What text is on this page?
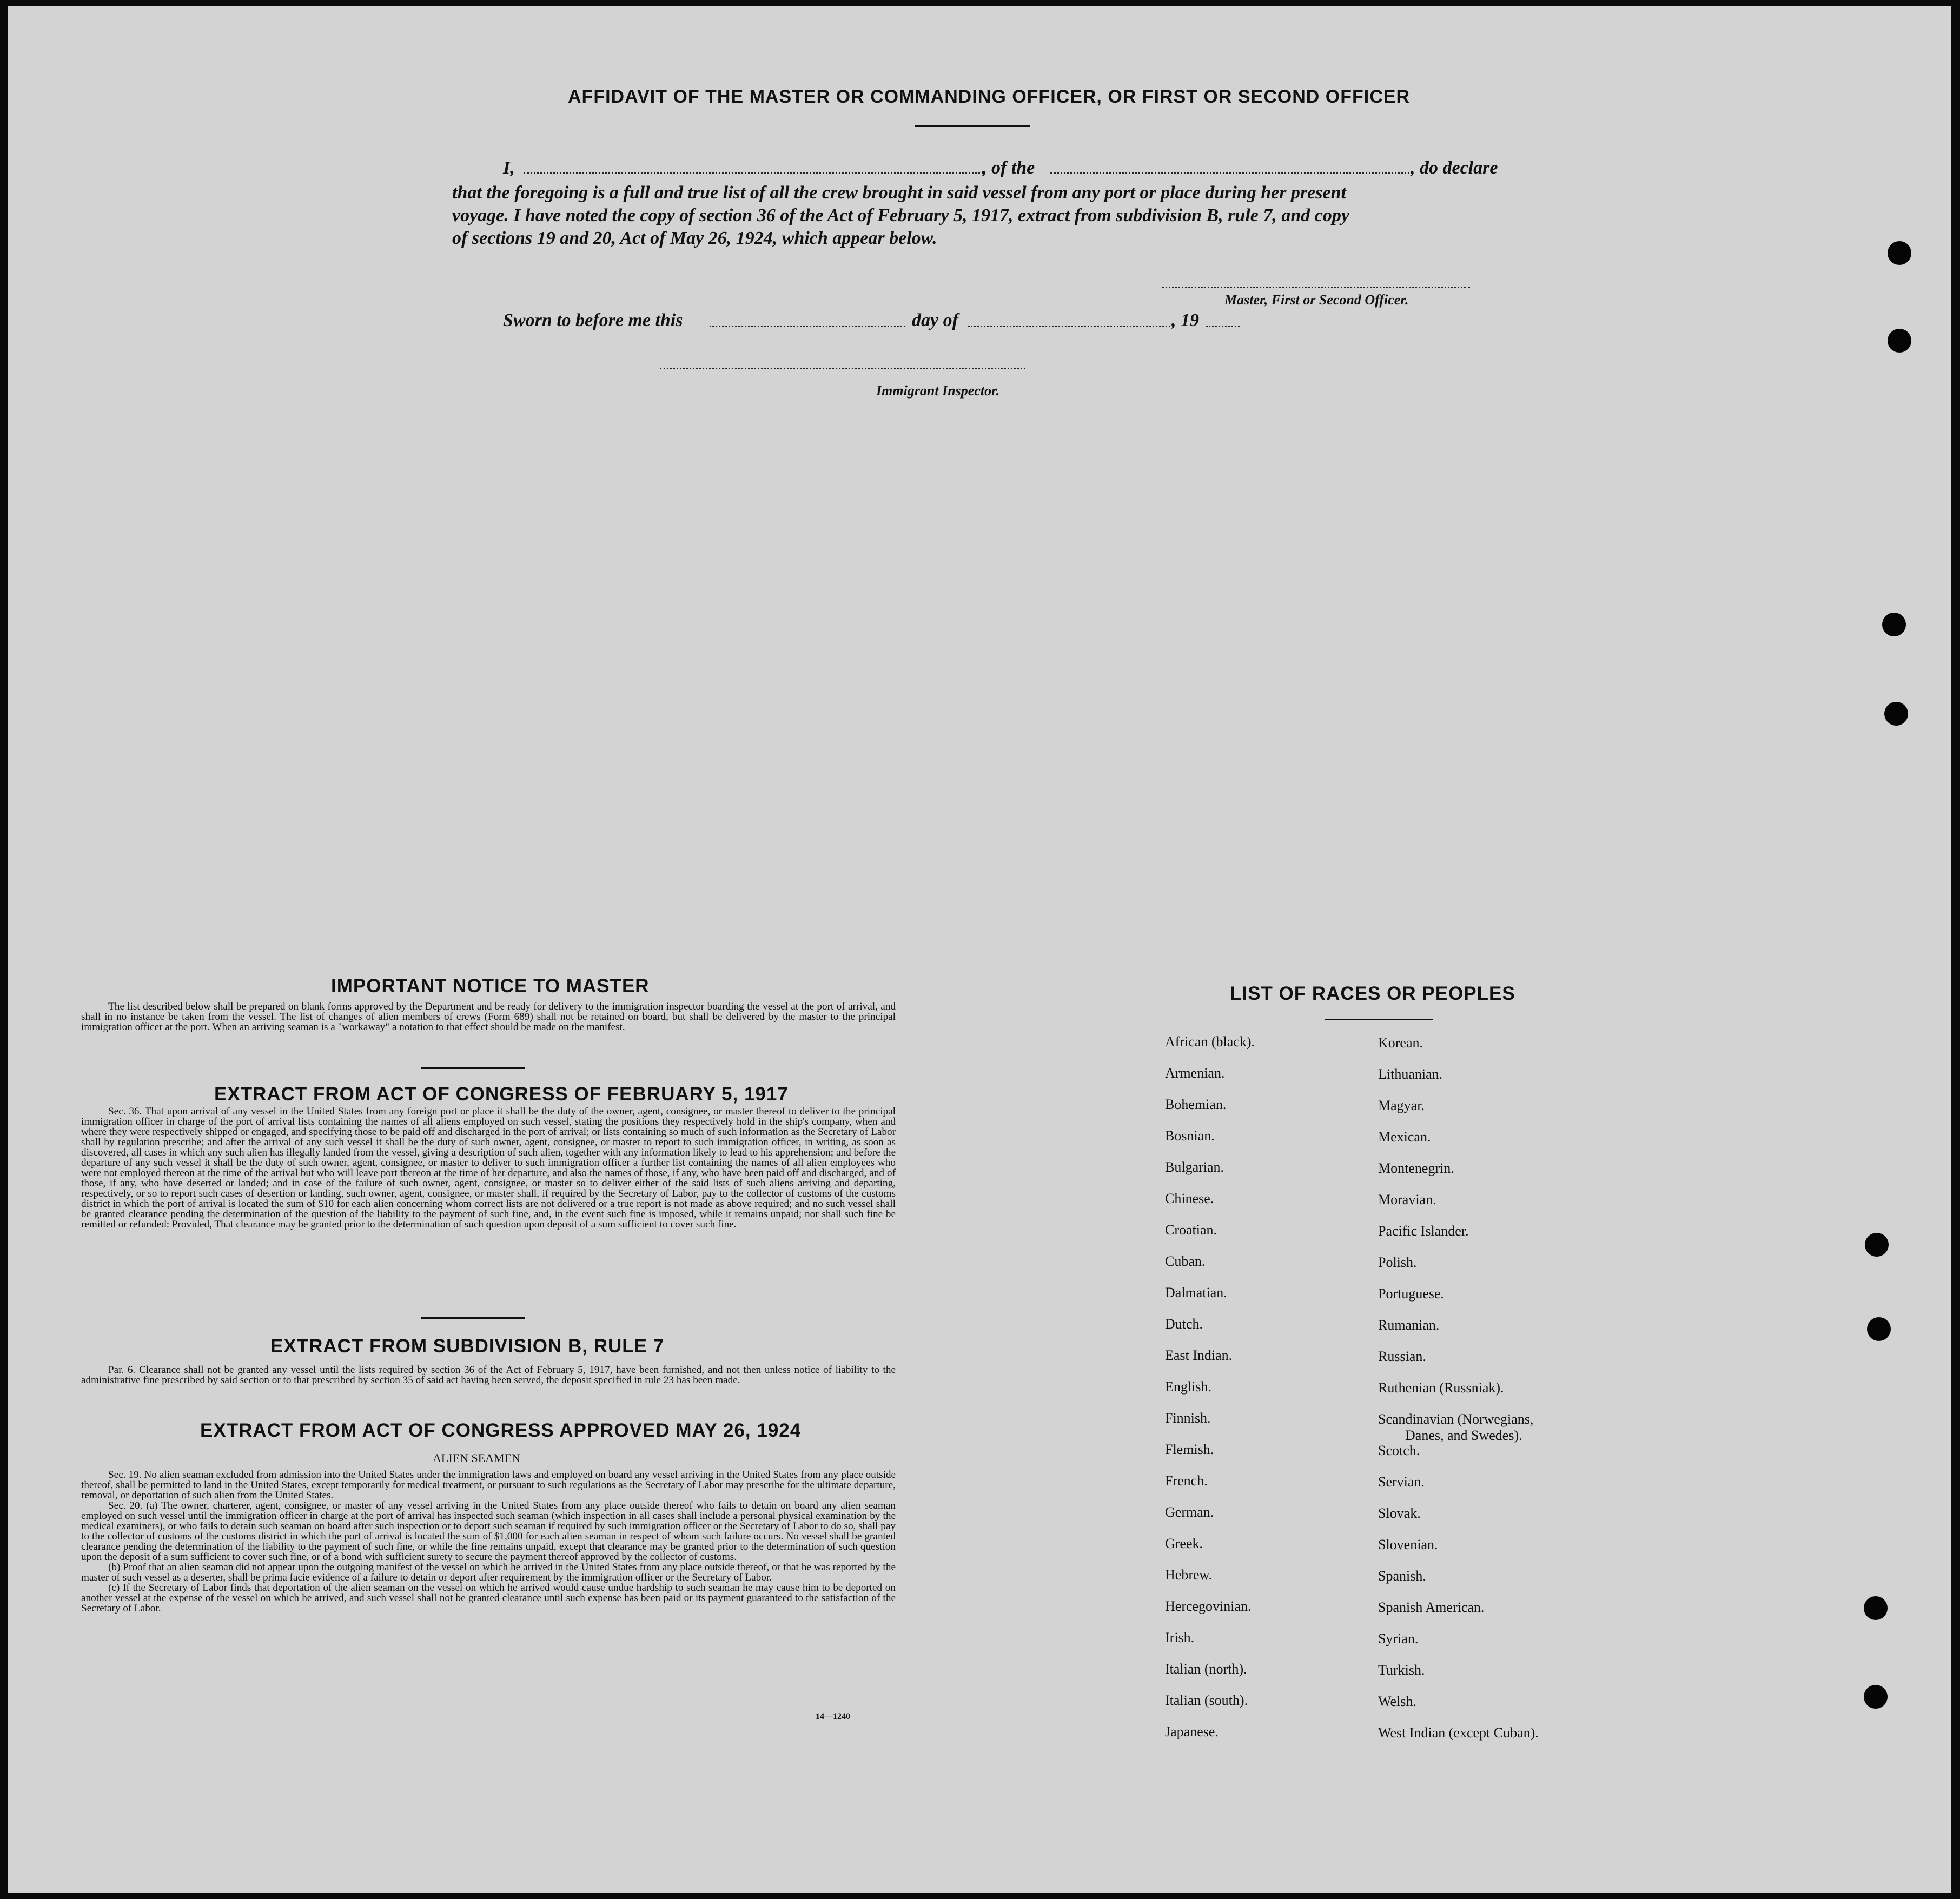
AFFIDAVIT OF THE MASTER OR COMMANDING OFFICER, OR FIRST OR SECOND OFFICER
I,	, of the	, do declare
that the foregoing is a full and true list of all the crew brought in said vessel from any port or place during her present
voyage. I have noted the copy of section 36 of the Act of February 5, 1917, extract from subdivision B, rule 7, and copy
of sections 19 and 20, Act of May 26, 1924, which appear below.
Master, First or Second Officer.
Sworn to before me this	day of	, 19
Immigrant Inspector.
IMPORTANT NOTICE TO MASTER

The list described below shall be prepared on blank forms approved by the Department and be ready for delivery to the immigration inspector boarding the vessel at the port of arrival, and shall in no instance be taken from the vessel. The list of changes of alien members of crews (Form 689) shall not be retained on board, but shall be delivered by the master to the principal immigration officer at the port. When an arriving seaman is a "workaway" a notation to that effect should be made on the manifest.

EXTRACT FROM ACT OF CONGRESS OF FEBRUARY 5, 1917

Sec. 36. That upon arrival of any vessel in the United States from any foreign port or place it shall be the duty of the owner, agent, consignee, or master thereof to deliver to the principal immigration officer in charge of the port of arrival lists containing the names of all aliens employed on such vessel, stating the positions they respectively hold in the ship's company, when and where they were respectively shipped or engaged, and specifying those to be paid off and discharged in the port of arrival; or lists containing so much of such information as the Secretary of Labor shall by regulation prescribe; and after the arrival of any such vessel it shall be the duty of such owner, agent, consignee, or master to report to such immigration officer, in writing, as soon as discovered, all cases in which any such alien has illegally landed from the vessel, giving a description of such alien, together with any information likely to lead to his apprehension; and before the departure of any such vessel it shall be the duty of such owner, agent, consignee, or master to deliver to such immigration officer a further list containing the names of all alien employees who were not employed thereon at the time of the arrival but who will leave port thereon at the time of her departure, and also the names of those, if any, who have been paid off and discharged, and of those, if any, who have deserted or landed; and in case of the failure of such owner, agent, consignee, or master so to deliver either of the said lists of such aliens arriving and departing, respectively, or so to report such cases of desertion or landing, such owner, agent, consignee, or master shall, if required by the Secretary of Labor, pay to the collector of customs of the customs district in which the port of arrival is located the sum of $10 for each alien concerning whom correct lists are not delivered or a true report is not made as above required; and no such vessel shall be granted clearance pending the determination of the question of the liability to the payment of such fine, and, in the event such fine is imposed, while it remains unpaid; nor shall such fine be remitted or refunded: Provided, That clearance may be granted prior to the determination of such question upon deposit of a sum sufficient to cover such fine.

EXTRACT FROM SUBDIVISION B, RULE 7

Par. 6. Clearance shall not be granted any vessel until the lists required by section 36 of the Act of February 5, 1917, have been furnished, and not then unless notice of liability to the administrative fine prescribed by said section or to that prescribed by section 35 of said act having been served, the deposit specified in rule 23 has been made.

EXTRACT FROM ACT OF CONGRESS APPROVED MAY 26, 1924
ALIEN SEAMEN

Sec. 19. No alien seaman excluded from admission into the United States under the immigration laws and employed on board any vessel arriving in the United States from any place outside thereof, shall be permitted to land in the United States, except temporarily for medical treatment, or pursuant to such regulations as the Secretary of Labor may prescribe for the ultimate departure, removal, or deportation of such alien from the United States.

Sec. 20. (a) The owner, charterer, agent, consignee, or master of any vessel arriving in the United States from any place outside thereof who fails to detain on board any alien seaman employed on such vessel until the immigration officer in charge at the port of arrival has inspected such seaman (which inspection in all cases shall include a personal physical examination by the medical examiners), or who fails to detain such seaman on board after such inspection or to deport such seaman if required by such immigration officer or the Secretary of Labor to do so, shall pay to the collector of customs of the customs district in which the port of arrival is located the sum of $1,000 for each alien seaman in respect of whom such failure occurs. No vessel shall be granted clearance pending the determination of the liability to the payment of such fine, or while the fine remains unpaid, except that clearance may be granted prior to the determination of such question upon the deposit of a sum sufficient to cover such fine, or of a bond with sufficient surety to secure the payment thereof approved by the collector of customs.

(b) Proof that an alien seaman did not appear upon the outgoing manifest of the vessel on which he arrived in the United States from any place outside thereof, or that he was reported by the master of such vessel as a deserter, shall be prima facie evidence of a failure to detain or deport after requirement by the immigration officer or the Secretary of Labor.

(c) If the Secretary of Labor finds that deportation of the alien seaman on the vessel on which he arrived would cause undue hardship to such seaman he may cause him to be deported on another vessel at the expense of the vessel on which he arrived, and such vessel shall not be granted clearance until such expense has been paid or its payment guaranteed to the satisfaction of the Secretary of Labor.

14—1240
LIST OF RACES OR PEOPLES
African (black).
Armenian.
Bohemian.
Bosnian.
Bulgarian.
Chinese.
Croatian.
Cuban.
Dalmatian.
Dutch.
East Indian.
English.
Finnish.
Flemish.
French.
German.
Greek.
Hebrew.
Hercegovinian.
Irish.
Italian (north).
Italian (south).
Japanese.
Korean.
Lithuanian.
Magyar.
Mexican.
Montenegrin.
Moravian.
Pacific Islander.
Polish.
Portuguese.
Rumanian.
Russian.
Ruthenian (Russniak).
Scandinavian (Norwegians,
Danes, and Swedes).
Scotch.
Servian.
Slovak.
Slovenian.
Spanish.
Spanish American.
Syrian.
Turkish.
Welsh.
West Indian (except Cuban).
